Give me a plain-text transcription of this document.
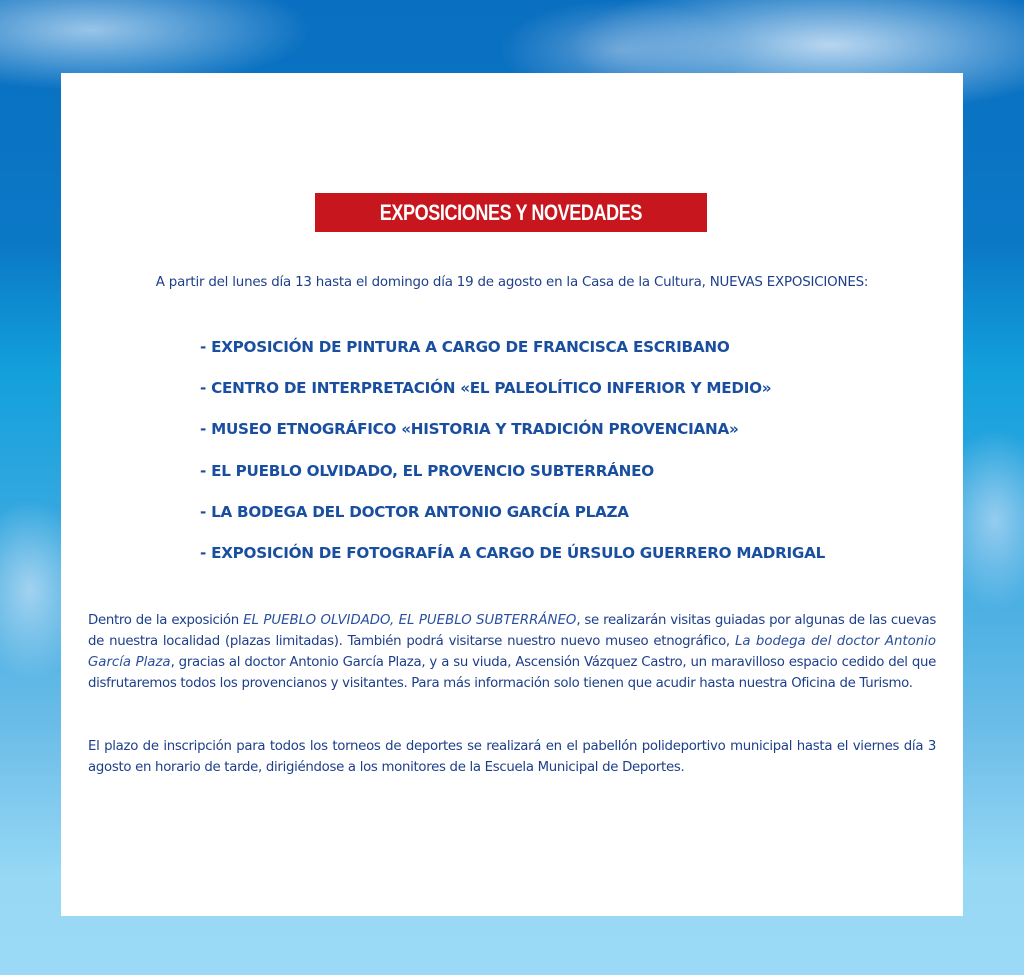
EXPOSICIONES Y NOVEDADES
A partir del lunes día 13 hasta el domingo día 19 de agosto en la Casa de la Cultura, NUEVAS EXPOSICIONES:
- EXPOSICIÓN DE PINTURA A CARGO DE FRANCISCA ESCRIBANO
- CENTRO DE INTERPRETACIÓN «EL PALEOLÍTICO INFERIOR Y MEDIO»
- MUSEO ETNOGRÁFICO «HISTORIA Y TRADICIÓN PROVENCIANA»
- EL PUEBLO OLVIDADO, EL PROVENCIO SUBTERRÁNEO
- LA BODEGA DEL DOCTOR ANTONIO GARCÍA PLAZA
- EXPOSICIÓN DE FOTOGRAFÍA A CARGO DE ÚRSULO GUERRERO MADRIGAL

Dentro de la exposición EL PUEBLO OLVIDADO, EL PUEBLO SUBTERRÁNEO, se realizarán visitas guiadas por algunas de las cuevas de nuestra localidad (plazas limitadas). También podrá visitarse nuestro nuevo museo etnográfico, La bodega del doctor Antonio García Plaza, gracias al doctor Antonio García Plaza, y a su viuda, Ascensión Vázquez Castro, un maravilloso espacio cedido del que disfrutaremos todos los provencianos y visitantes. Para más información solo tienen que acudir hasta nuestra Oficina de Turismo.

El plazo de inscripción para todos los torneos de deportes se realizará en el pabellón polideportivo municipal hasta el viernes día 3 agosto en horario de tarde, dirigiéndose a los monitores de la Escuela Municipal de Deportes.
